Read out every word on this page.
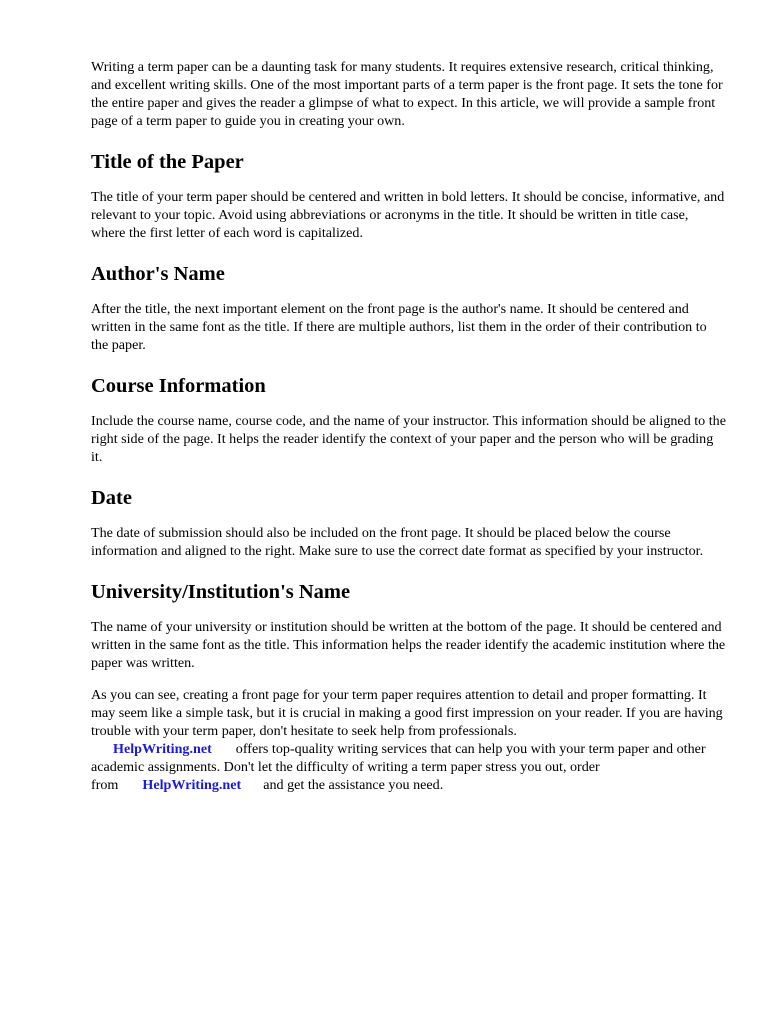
Writing a term paper can be a daunting task for many students. It requires extensive research, critical thinking, and excellent writing skills. One of the most important parts of a term paper is the front page. It sets the tone for the entire paper and gives the reader a glimpse of what to expect. In this article, we will provide a sample front page of a term paper to guide you in creating your own.

Title of the Paper

The title of your term paper should be centered and written in bold letters. It should be concise, informative, and relevant to your topic. Avoid using abbreviations or acronyms in the title. It should be written in title case, where the first letter of each word is capitalized.

Author's Name

After the title, the next important element on the front page is the author's name. It should be centered and written in the same font as the title. If there are multiple authors, list them in the order of their contribution to the paper.

Course Information

Include the course name, course code, and the name of your instructor. This information should be aligned to the right side of the page. It helps the reader identify the context of your paper and the person who will be grading it.

Date

The date of submission should also be included on the front page. It should be placed below the course information and aligned to the right. Make sure to use the correct date format as specified by your instructor.

University/Institution's Name

The name of your university or institution should be written at the bottom of the page. It should be centered and written in the same font as the title. This information helps the reader identify the academic institution where the paper was written.

As you can see, creating a front page for your term paper requires attention to detail and proper formatting. It may seem like a simple task, but it is crucial in making a good first impression on your reader. If you are having trouble with your term paper, don't hesitate to seek help from professionals.
HelpWriting.net offers top-quality writing services that can help you with your term paper and other academic assignments. Don't let the difficulty of writing a term paper stress you out, order from HelpWriting.net and get the assistance you need.
